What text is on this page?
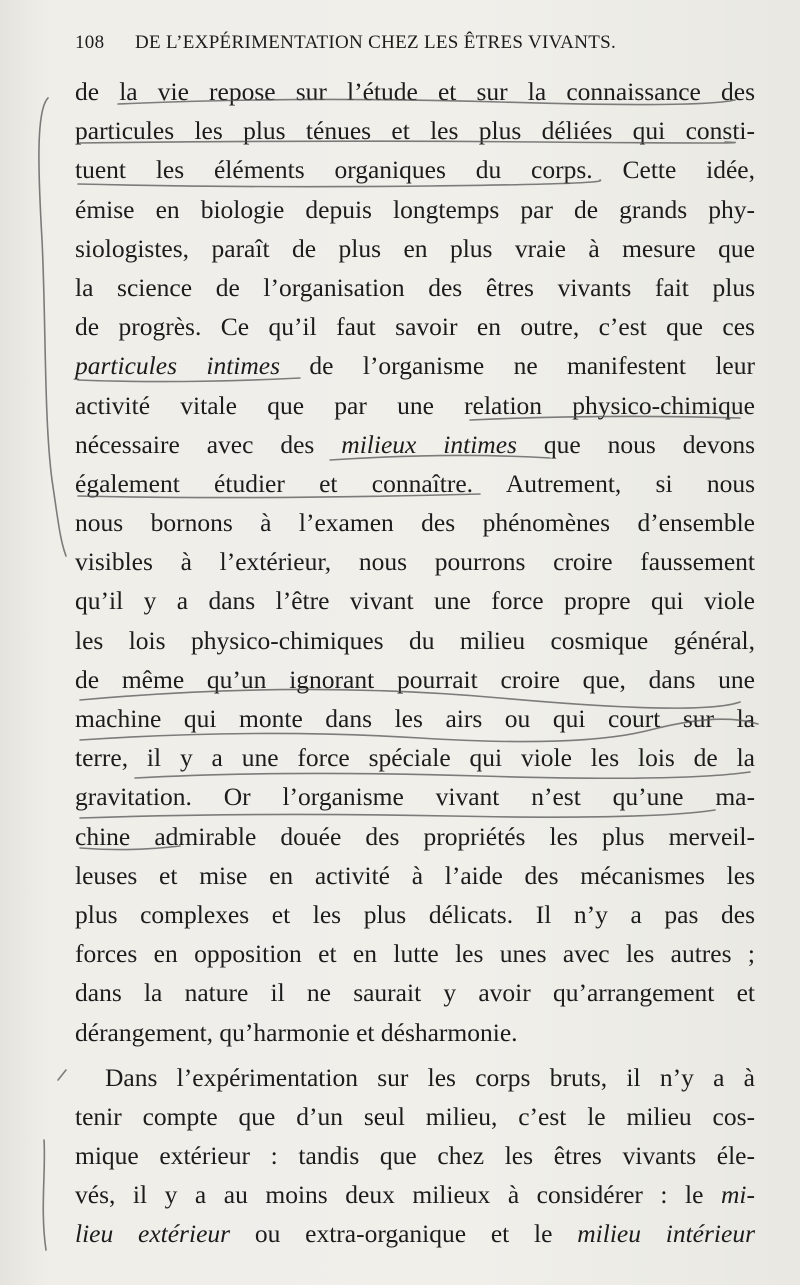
108	DE L’EXPÉRIMENTATION CHEZ LES ÊTRES VIVANTS.
de la vie repose sur l’étude et sur la connaissance des
particules les plus ténues et les plus déliées qui consti-
tuent les éléments organiques du corps. Cette idée,
émise en biologie depuis longtemps par de grands phy-
siologistes, paraît de plus en plus vraie à mesure que
la science de l’organisation des êtres vivants fait plus
de progrès. Ce qu’il faut savoir en outre, c’est que ces
particules intimes de l’organisme ne manifestent leur
activité vitale que par une relation physico-chimique
nécessaire avec des milieux intimes que nous devons
également étudier et connaître. Autrement, si nous
nous bornons à l’examen des phénomènes d’ensemble
visibles à l’extérieur, nous pourrons croire faussement
qu’il y a dans l’être vivant une force propre qui viole
les lois physico-chimiques du milieu cosmique général,
de même qu’un ignorant pourrait croire que, dans une
machine qui monte dans les airs ou qui court sur la
terre, il y a une force spéciale qui viole les lois de la
gravitation. Or l’organisme vivant n’est qu’une ma-
chine admirable douée des propriétés les plus merveil-
leuses et mise en activité à l’aide des mécanismes les
plus complexes et les plus délicats. Il n’y a pas des
forces en opposition et en lutte les unes avec les autres ;
dans la nature il ne saurait y avoir qu’arrangement et
dérangement, qu’harmonie et désharmonie.
Dans l’expérimentation sur les corps bruts, il n’y a à
tenir compte que d’un seul milieu, c’est le milieu cos-
mique extérieur : tandis que chez les êtres vivants éle-
vés, il y a au moins deux milieux à considérer : le mi-
lieu extérieur ou extra-organique et le milieu intérieur
